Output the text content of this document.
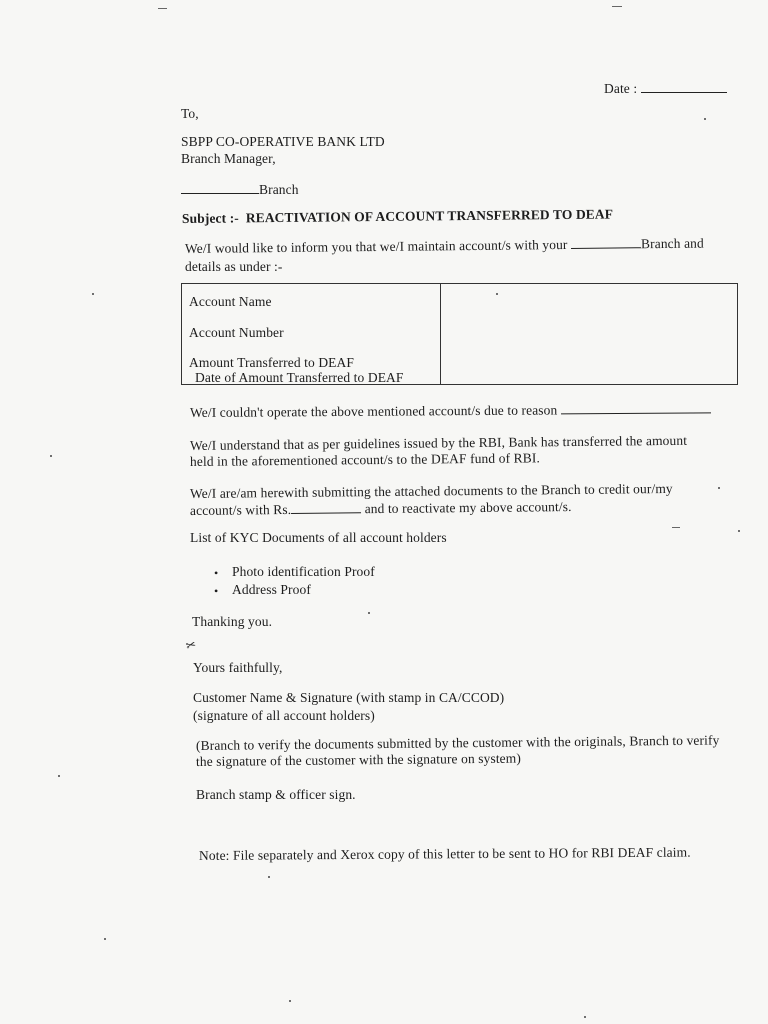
Date :
To,
SBPP CO-OPERATIVE BANK LTD
Branch Manager,
Branch
Subject :- REACTIVATION OF ACCOUNT TRANSFERRED TO DEAF
We/I would like to inform you that we/I maintain account/s with your	Branch and
details as under :-
Account Name
Account Number
Amount Transferred to DEAF
Date of Amount Transferred to DEAF
We/I couldn't operate the above mentioned account/s due to reason
We/I understand that as per guidelines issued by the RBI, Bank has transferred the amount
held in the aforementioned account/s to the DEAF fund of RBI.
We/I are/am herewith submitting the attached documents to the Branch to credit our/my
account/s with Rs.	and to reactivate my above account/s.
List of KYC Documents of all account holders
• Photo identification Proof
• Address Proof
Thanking you.
✂
Yours faithfully,
Customer Name & Signature (with stamp in CA/CCOD)
(signature of all account holders)
(Branch to verify the documents submitted by the customer with the originals, Branch to verify
the signature of the customer with the signature on system)
Branch stamp & officer sign.
Note: File separately and Xerox copy of this letter to be sent to HO for RBI DEAF claim.
